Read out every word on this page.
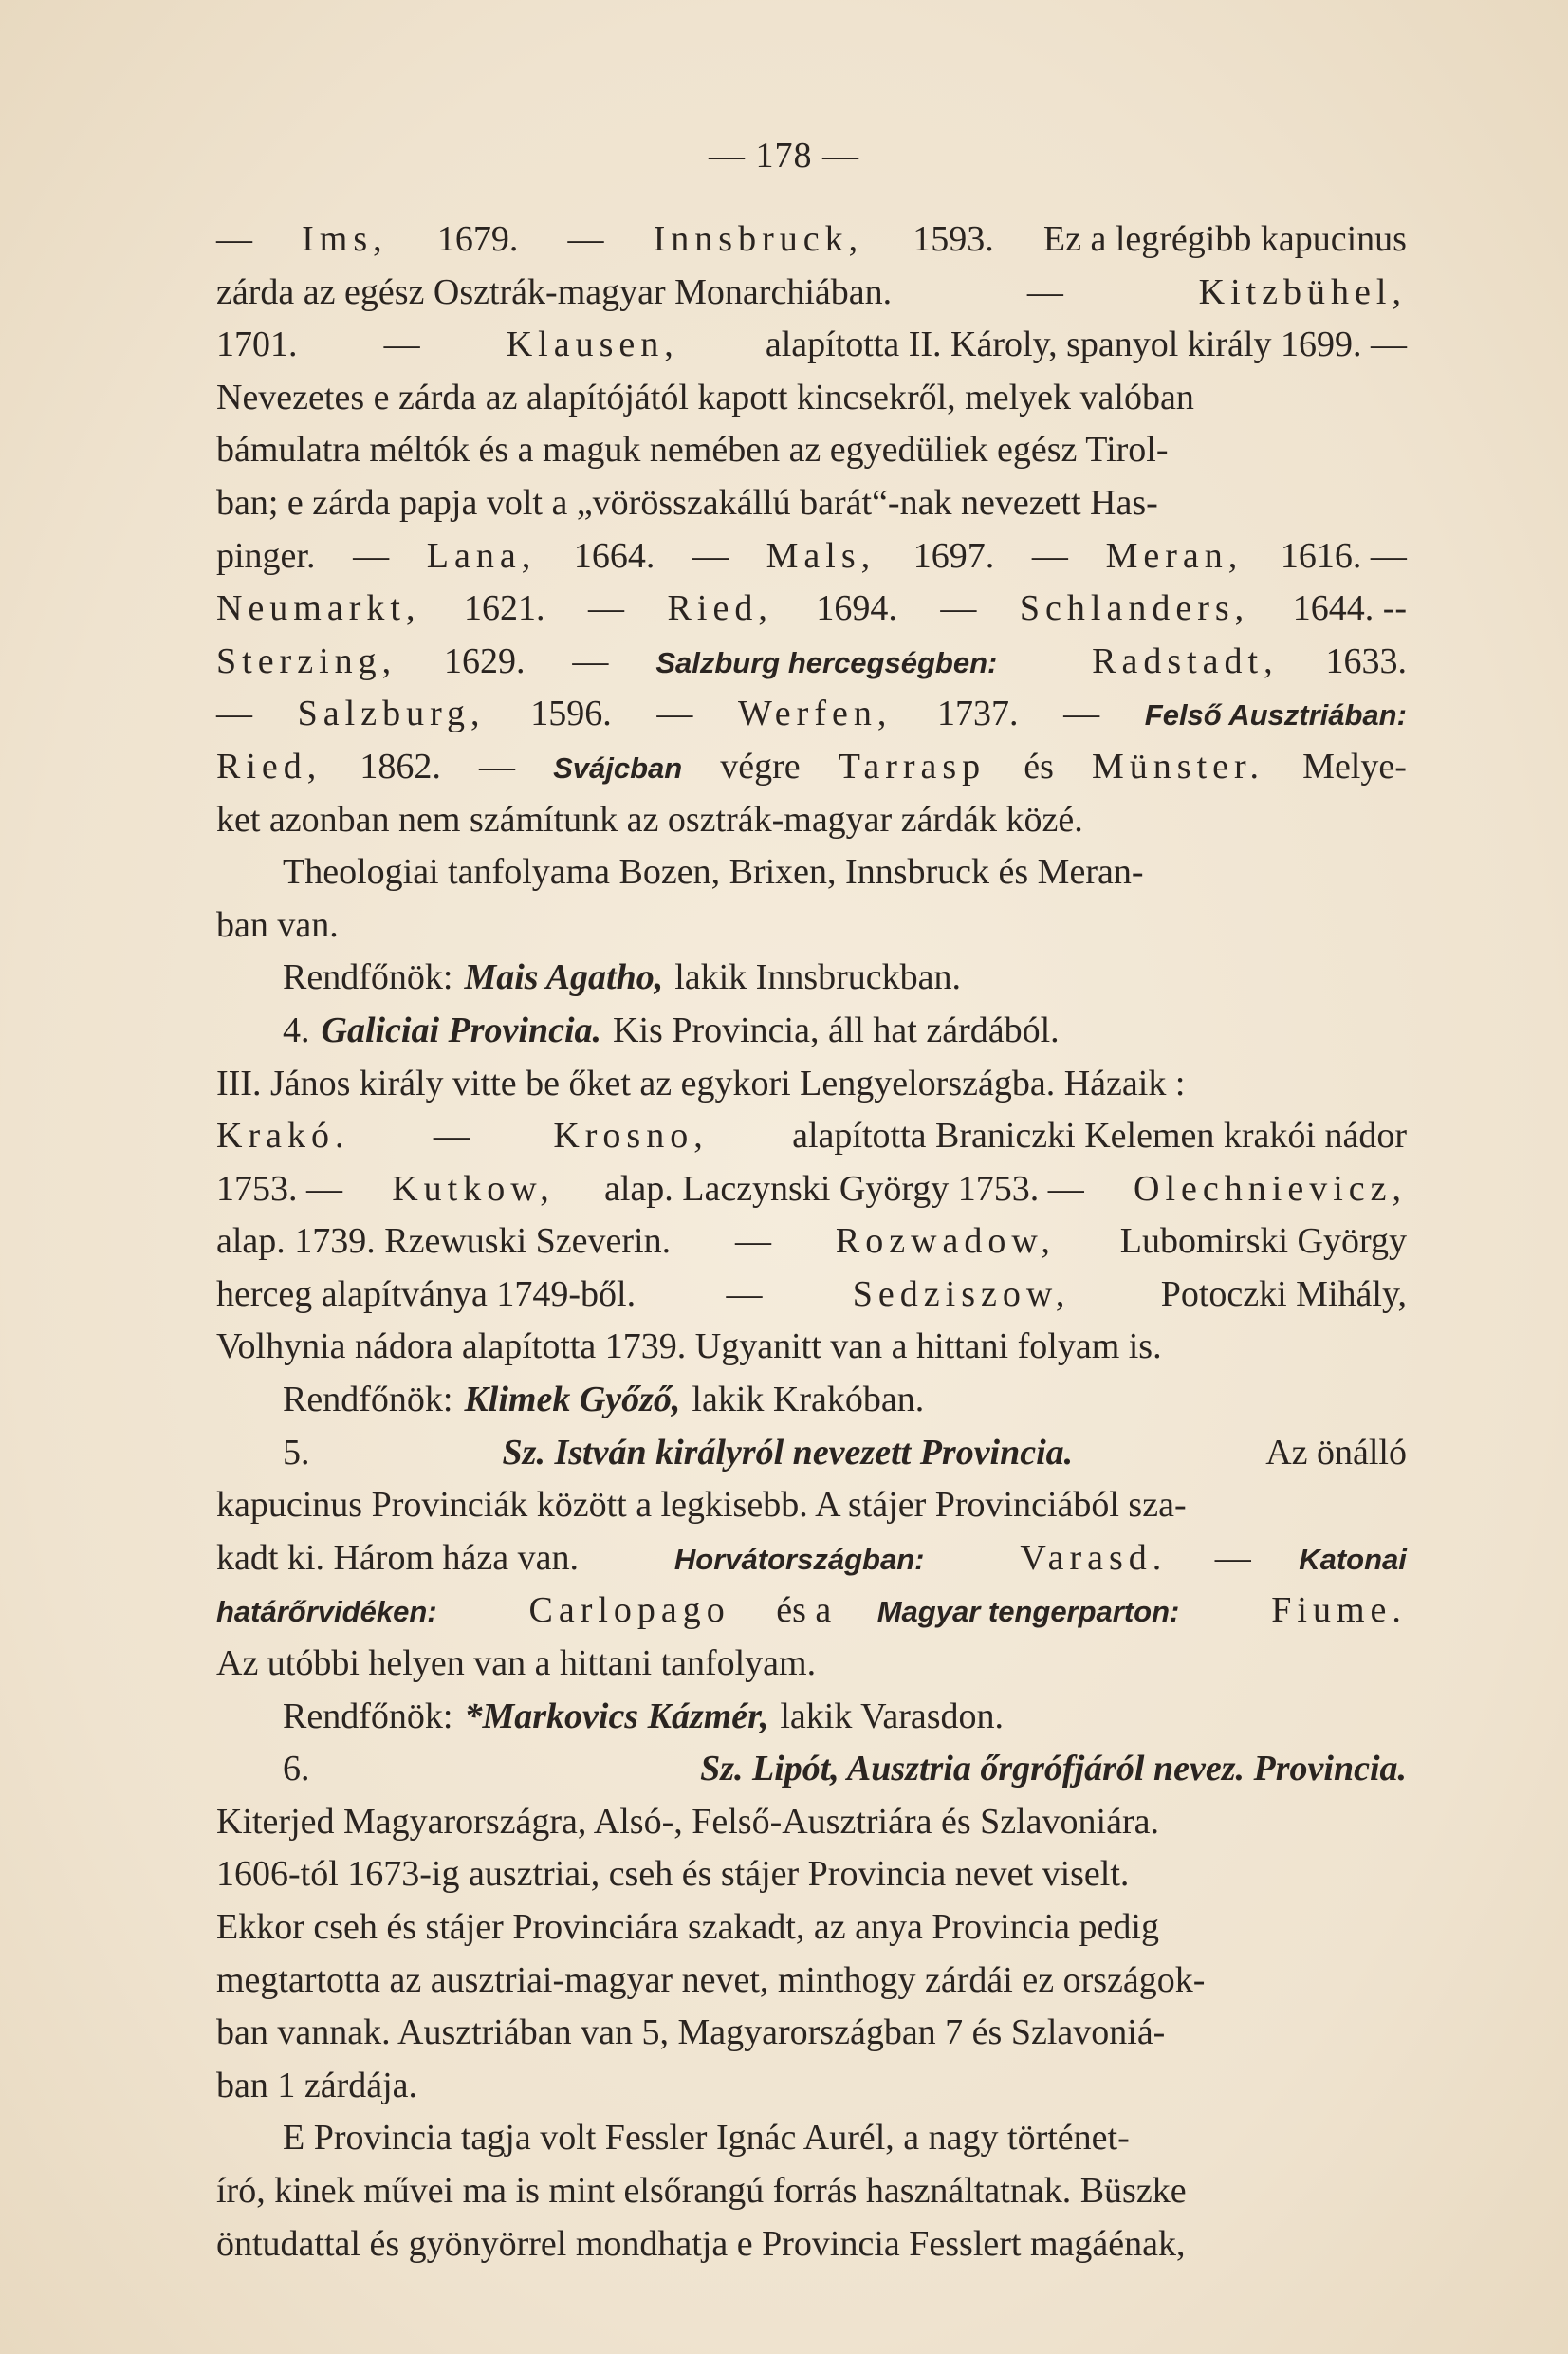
— 178 —
— Ims, 1679. — Innsbruck, 1593. Ez a legrégibb kapucinus
zárda az egész Osztrák-magyar Monarchiában.	—	Kitzbühel,
1701. — Klausen, alapította II. Károly, spanyol király 1699. —
Nevezetes e zárda az alapítójától kapott kincsekről, melyek valóban
bámulatra méltók és a maguk nemében az egyedüliek egész Tirol-
ban; e zárda papja volt a „vörösszakállú barát“-nak nevezett Has-
pinger. — Lana, 1664. — Mals, 1697. — Meran, 1616. —
Neumarkt, 1621. — Ried, 1694. — Schlanders, 1644. --
Sterzing, 1629. — Salzburg hercegségben:	Radstadt, 1633.
— Salzburg, 1596. — Werfen, 1737. — Felső Ausztriában:
Ried, 1862. — Svájcban végre Tarrasp és Münster. Melye-
ket azonban nem számítunk az osztrák-magyar zárdák közé.
Theologiai tanfolyama Bozen, Brixen, Innsbruck és Meran-
ban van.
Rendfőnök: Mais Agatho, lakik Innsbruckban.
4. Galiciai Provincia. Kis Provincia, áll hat zárdából.
III. János király vitte be őket az egykori Lengyelországba. Házaik :
Krakó. — Krosno, alapította Braniczki Kelemen krakói nádor
1753. — Kutkow, alap. Laczynski György 1753. — Olechnievicz,
alap. 1739. Rzewuski Szeverin. — Rozwadow, Lubomirski György
herceg alapítványa 1749-ből.	—	Sedziszow,	Potoczki Mihály,
Volhynia nádora alapította 1739. Ugyanitt van a hittani folyam is.
Rendfőnök: Klimek Győző, lakik Krakóban.
5.	Sz. István királyról nevezett Provincia.	Az önálló
kapucinus Provinciák között a legkisebb. A stájer Provinciából sza-
kadt ki. Három háza van.	Horvátországban:	Varasd. — Katonai
határőrvidéken:	Carlopago és a Magyar tengerparton:	Fiume.
Az utóbbi helyen van a hittani tanfolyam.
Rendfőnök: *Markovics Kázmér, lakik Varasdon.
6.	Sz. Lipót, Ausztria őrgrófjáról nevez. Provincia.
Kiterjed Magyarországra, Alsó-, Felső-Ausztriára és Szlavoniára.
1606-tól 1673-ig ausztriai, cseh és stájer Provincia nevet viselt.
Ekkor cseh és stájer Provinciára szakadt, az anya Provincia pedig
megtartotta az ausztriai-magyar nevet, minthogy zárdái ez országok-
ban vannak. Ausztriában van 5, Magyarországban 7 és Szlavoniá-
ban 1 zárdája.
E Provincia tagja volt Fessler Ignác Aurél, a nagy történet-
író, kinek művei ma is mint elsőrangú forrás használtatnak. Büszke
öntudattal és gyönyörrel mondhatja e Provincia Fesslert magáénak,
